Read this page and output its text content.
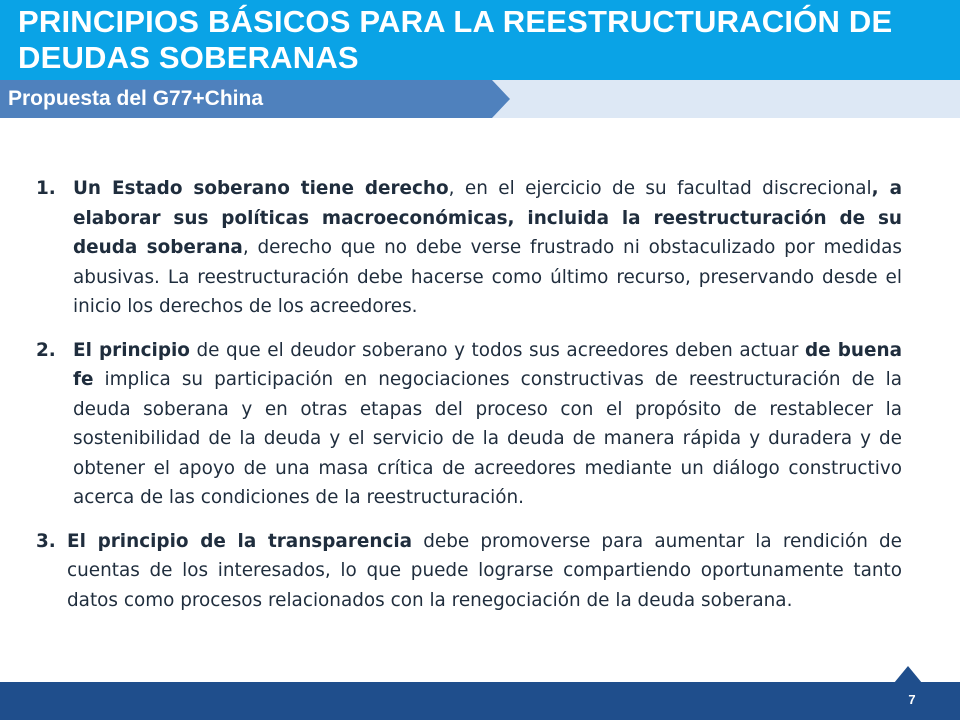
PRINCIPIOS BÁSICOS PARA LA REESTRUCTURACIÓN DE DEUDAS SOBERANAS
Propuesta del G77+China
1. Un Estado soberano tiene derecho, en el ejercicio de su facultad discrecional, a elaborar sus políticas macroeconómicas, incluida la reestructuración de su deuda soberana, derecho que no debe verse frustrado ni obstaculizado por medidas abusivas. La reestructuración debe hacerse como último recurso, preservando desde el inicio los derechos de los acreedores.
2. El principio de que el deudor soberano y todos sus acreedores deben actuar de buena fe implica su participación en negociaciones constructivas de reestructuración de la deuda soberana y en otras etapas del proceso con el propósito de restablecer la sostenibilidad de la deuda y el servicio de la deuda de manera rápida y duradera y de obtener el apoyo de una masa crítica de acreedores mediante un diálogo constructivo acerca de las condiciones de la reestructuración.
3. El principio de la transparencia debe promoverse para aumentar la rendición de cuentas de los interesados, lo que puede lograrse compartiendo oportunamente tanto datos como procesos relacionados con la renegociación de la deuda soberana.
7
